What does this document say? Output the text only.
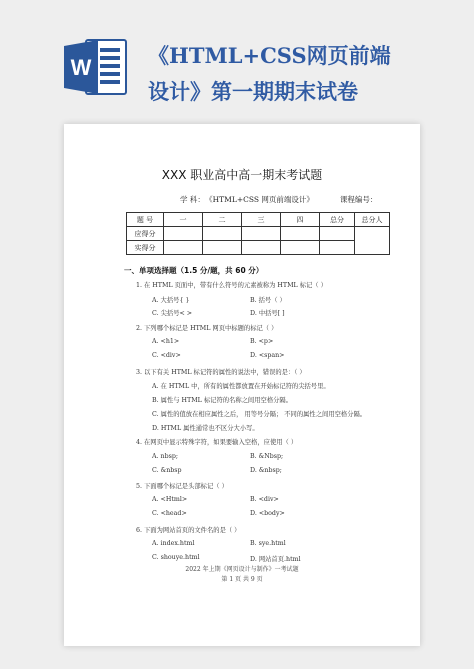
W	《HTML+CSS网页前端
设计》第一期期末试卷
XXX 职业高中高一期末考试题
学 科： 《HTML+CSS 网页前端设计》	课程编号：
题 号	一	二	三	四	总分	总分人
应得分						
实得分						
一、单项选择题（1.5 分/题，共 60 分）
1. 在 HTML 页面中，带有什么符号的元素被称为 HTML 标记（ ）
A. 大括号{ }	B. 括号（ ）
C. 尖括号< >	D. 中括号[ ]
2. 下列哪个标记是 HTML 网页中标题的标记（ ）
A. <h1>	B. <p>
C. <div>	D. <span>
3. 以下有关 HTML 标记符的属性的说法中，错误的是：（ ）
A. 在 HTML 中，所有的属性都放置在开始标记符的尖括号里。
B. 属性与 HTML 标记符的名称之间用空格分隔。
C. 属性的值放在相应属性之后， 用等号分隔； 不同的属性之间用空格分隔。
D. HTML 属性通常也不区分大小写。
4. 在网页中显示特殊字符，如果要输入空格，应使用（ ）
A. nbsp;	B. &Nbsp;
C. &nbsp	D. &nbsp;
5. 下面哪个标记是头部标记（ ）
A. <Html>	B. <div>
C. <head>	D. <body>
6. 下面为网站首页的文件名的是（ ）
A. index.html	B. sye.html
C. shouye.html	D. 网站首页.html
2022 年上期《网页设计与制作》一考试题
第 1 页 共 9 页
